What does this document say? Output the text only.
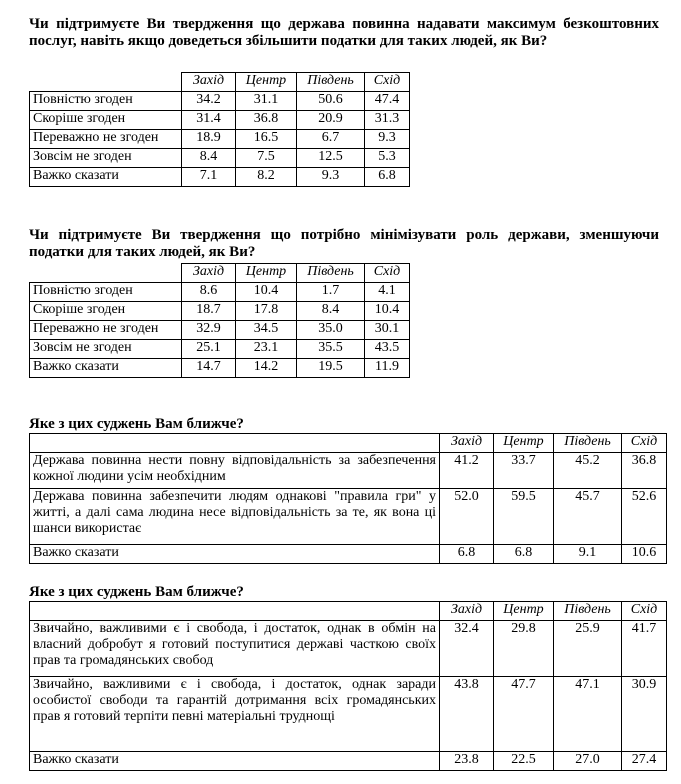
Чи підтримуєте Ви твердження що держава повинна надавати максимум безкоштовних послуг, навіть якщо доведеться збільшити податки для таких людей, як Ви?
	Захід	Центр	Південь	Схід
Повністю згоден	34.2	31.1	50.6	47.4
Скоріше згоден	31.4	36.8	20.9	31.3
Переважно не згоден	18.9	16.5	6.7	9.3
Зовсім не згоден	8.4	7.5	12.5	5.3
Важко сказати	7.1	8.2	9.3	6.8
Чи підтримуєте Ви твердження що потрібно мінімізувати роль держави, зменшуючи податки для таких людей, як Ви?
	Захід	Центр	Південь	Схід
Повністю згоден	8.6	10.4	1.7	4.1
Скоріше згоден	18.7	17.8	8.4	10.4
Переважно не згоден	32.9	34.5	35.0	30.1
Зовсім не згоден	25.1	23.1	35.5	43.5
Важко сказати	14.7	14.2	19.5	11.9
Яке з цих суджень Вам ближче?
	Захід	Центр	Південь	Схід
Держава повинна нести повну відповідальність за забезпечення кожної людини усім необхідним	41.2	33.7	45.2	36.8
Держава повинна забезпечити людям однакові "правила гри" у житті, а далі сама людина несе відповідальність за те, як вона ці шанси використає	52.0	59.5	45.7	52.6
Важко сказати	6.8	6.8	9.1	10.6
Яке з цих суджень Вам ближче?
	Захід	Центр	Південь	Схід
Звичайно, важливими є і свобода, і достаток, однак в обмін на власний добробут я готовий поступитися державі часткою своїх прав та громадянських свобод	32.4	29.8	25.9	41.7
Звичайно, важливими є і свобода, і достаток, однак заради особистої свободи та гарантій дотримання всіх громадянських прав я готовий терпіти певні матеріальні труднощі	43.8	47.7	47.1	30.9
Важко сказати	23.8	22.5	27.0	27.4
